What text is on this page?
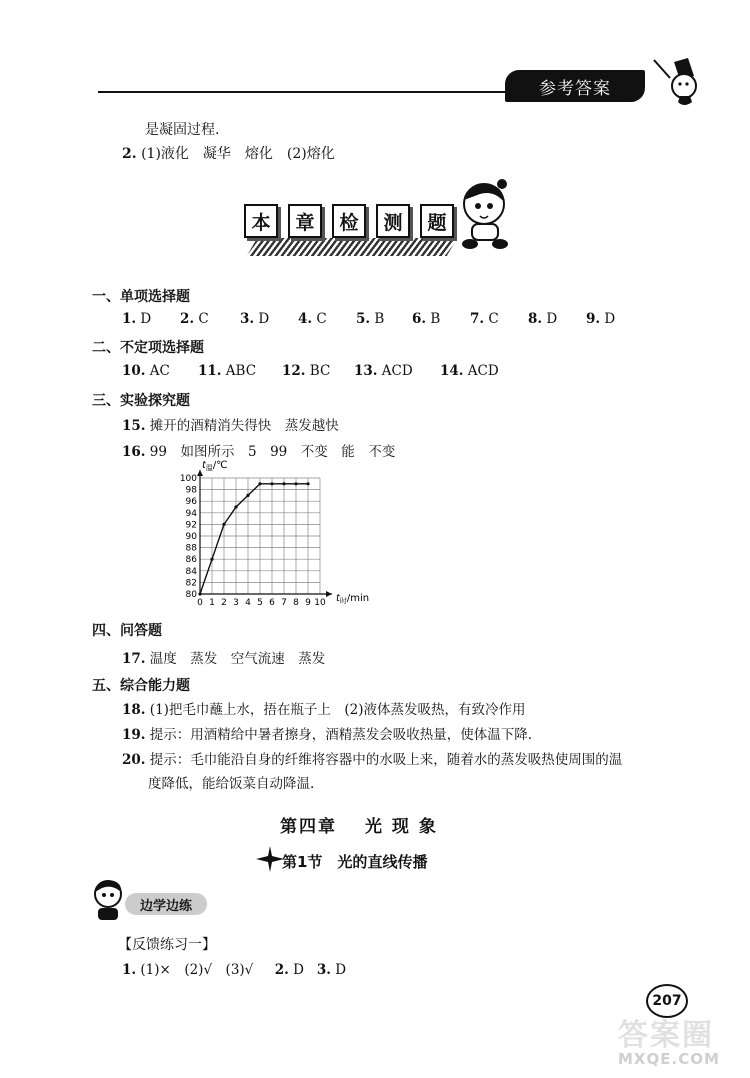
参考答案
是凝固过程.
2. (1)液化　凝华　熔化　(2)熔化
本	章	检	测	题
一、单项选择题
1. D 2. C 3. D 4. C 5. B 6. B 7. C 8. D 9. D
二、不定项选择题
10. AC 11. ABC 12. BC 13. ACD 14. ACD
三、实验探究题
15. 摊开的酒精消失得快　蒸发越快
16. 99　如图所示　5　99　不变　能　不变
0 1 2 3 4 5 6 7 8 9 10
82
84
86
88
90
92
94
96
98
100
80
$t_温/℃$
$t_时/\min$
四、问答题
17. 温度　蒸发　空气流速　蒸发
五、综合能力题
18. (1)把毛巾蘸上水，捂在瓶子上　(2)液体蒸发吸热，有致冷作用
19. 提示：用酒精给中暑者擦身，酒精蒸发会吸收热量，使体温下降.
20. 提示：毛巾能沿自身的纤维将容器中的水吸上来，随着水的蒸发吸热使周围的温
度降低，能给饭菜自动降温.
第四章 光 现 象
第1节　光的直线传播
边学边练
【反馈练习一】
1. (1)×　(2)√　(3)√ 2. D 3. D
207
答案圈
MXQE.COM
